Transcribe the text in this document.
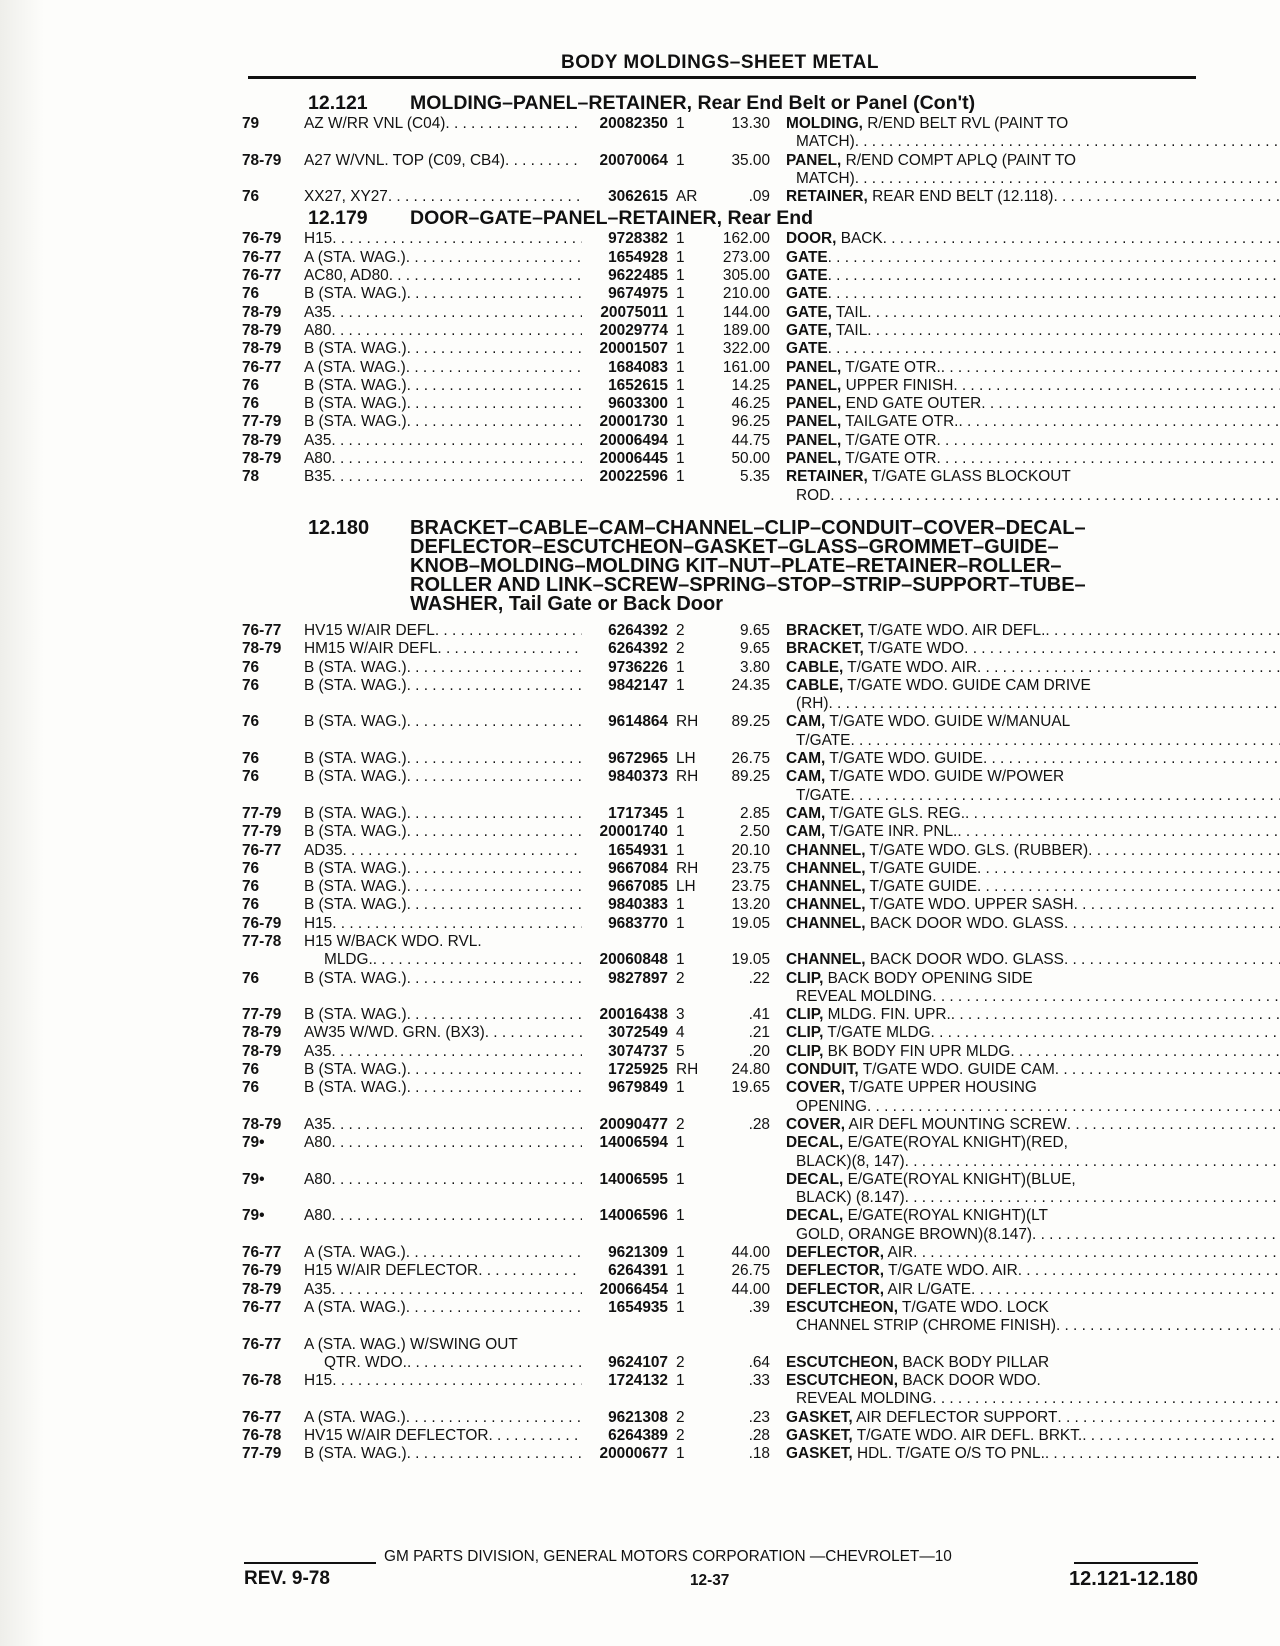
BODY MOLDINGS–SHEET METAL
12.121	MOLDING–PANEL–RETAINER, Rear End Belt or Panel (Con't)
79	AZ W/RR VNL (C04) . . .	20082350 1	13.30 MOLDING, R/END BELT RVL (PAINT TO
MATCH)
. . .
78-79	A27 W/VNL. TOP (C09, CB4) . . .	20070064 1	35.00 PANEL, R/END COMPT APLQ (PAINT TO
MATCH)
. . .
76	XX27, XY27 . . .	3062615 AR	.09 RETAINER, REAR END BELT (12.118)
. . .
12.179	DOOR–GATE–PANEL–RETAINER, Rear End
76-79	H15 . . .	9728382 1	162.00 DOOR, BACK
. . .
76-77	A (STA. WAG.) . . .	1654928 1	273.00 GATE
. . .
76-77	AC80, AD80 . . .	9622485 1	305.00 GATE
. . .
76	B (STA. WAG.) . . .	9674975 1	210.00 GATE
. . .
78-79	A35 . . .	20075011 1	144.00 GATE, TAIL
. . .
78-79	A80 . . .	20029774 1	189.00 GATE, TAIL
. . .
78-79	B (STA. WAG.) . . .	20001507 1	322.00 GATE
. . .
76-77	A (STA. WAG.) . . .	1684083 1	161.00 PANEL, T/GATE OTR.
. . .
76	B (STA. WAG.) . . .	1652615 1	14.25 PANEL, UPPER FINISH
. . .
76	B (STA. WAG.) . . .	9603300 1	46.25 PANEL, END GATE OUTER
. . .
77-79	B (STA. WAG.) . . .	20001730 1	96.25 PANEL, TAILGATE OTR.
. . .
78-79	A35 . . .	20006494 1	44.75 PANEL, T/GATE OTR
. . .
78-79	A80 . . .	20006445 1	50.00 PANEL, T/GATE OTR
. . .
78	B35 . . .	20022596 1	5.35 RETAINER, T/GATE GLASS BLOCKOUT
ROD
. . .
12.180	BRACKET–CABLE–CAM–CHANNEL–CLIP–CONDUIT–COVER–DECAL–
DEFLECTOR–ESCUTCHEON–GASKET–GLASS–GROMMET–GUIDE–
KNOB–MOLDING–MOLDING KIT–NUT–PLATE–RETAINER–ROLLER–
ROLLER AND LINK–SCREW–SPRING–STOP–STRIP–SUPPORT–TUBE–
WASHER, Tail Gate or Back Door
76-77	HV15 W/AIR DEFL . . .	6264392 2	9.65 BRACKET, T/GATE WDO. AIR DEFL.
. . .
78-79	HM15 W/AIR DEFL . . .	6264392 2	9.65 BRACKET, T/GATE WDO
. . .
76	B (STA. WAG.) . . .	9736226 1	3.80 CABLE, T/GATE WDO. AIR
. . .
76	B (STA. WAG.) . . .	9842147 1	24.35 CABLE, T/GATE WDO. GUIDE CAM DRIVE
(RH)
. . .
76	B (STA. WAG.) . . .	9614864 RH	89.25 CAM, T/GATE WDO. GUIDE W/MANUAL
T/GATE
. . .
76	B (STA. WAG.) . . .	9672965 LH	26.75 CAM, T/GATE WDO. GUIDE
. . .
76	B (STA. WAG.) . . .	9840373 RH	89.25 CAM, T/GATE WDO. GUIDE W/POWER
T/GATE
. . .
77-79	B (STA. WAG.) . . .	1717345 1	2.85 CAM, T/GATE GLS. REG.
. . .
77-79	B (STA. WAG.) . . .	20001740 1	2.50 CAM, T/GATE INR. PNL.
. . .
76-77	AD35 . . .	1654931 1	20.10 CHANNEL, T/GATE WDO. GLS. (RUBBER)
. . .
76	B (STA. WAG.) . . .	9667084 RH	23.75 CHANNEL, T/GATE GUIDE
. . .
76	B (STA. WAG.) . . .	9667085 LH	23.75 CHANNEL, T/GATE GUIDE
. . .
76	B (STA. WAG.) . . .	9840383 1	13.20 CHANNEL, T/GATE WDO. UPPER SASH
. . .
76-79	H15 . . .	9683770 1	19.05 CHANNEL, BACK DOOR WDO. GLASS
. . .
77-78	H15 W/BACK WDO. RVL.
MLDG. . . .	20060848 1	19.05 CHANNEL, BACK DOOR WDO. GLASS
. . .
76	B (STA. WAG.) . . .	9827897 2	.22 CLIP, BACK BODY OPENING SIDE
REVEAL MOLDING
. . .
77-79	B (STA. WAG.) . . .	20016438 3	.41 CLIP, MLDG. FIN. UPR.
. . .
78-79	AW35 W/WD. GRN. (BX3) . . .	3072549 4	.21 CLIP, T/GATE MLDG
. . .
78-79	A35 . . .	3074737 5	.20 CLIP, BK BODY FIN UPR MLDG
. . .
76	B (STA. WAG.) . . .	1725925 RH	24.80 CONDUIT, T/GATE WDO. GUIDE CAM
. . .
76	B (STA. WAG.) . . .	9679849 1	19.65 COVER, T/GATE UPPER HOUSING
OPENING
. . .
78-79	A35 . . .	20090477 2	.28 COVER, AIR DEFL MOUNTING SCREW
. . .
79•	A80 . . .	14006594 1	DECAL, E/GATE(ROYAL KNIGHT)(RED,
BLACK)(8, 147)
. . .
79•	A80 . . .	14006595 1	DECAL, E/GATE(ROYAL KNIGHT)(BLUE,
BLACK) (8.147)
. . .
79•	A80 . . .	14006596 1	DECAL, E/GATE(ROYAL KNIGHT)(LT
GOLD, ORANGE BROWN)(8.147)
. . .
76-77	A (STA. WAG.) . . .	9621309 1	44.00 DEFLECTOR, AIR
. . .
76-79	H15 W/AIR DEFLECTOR . . .	6264391 1	26.75 DEFLECTOR, T/GATE WDO. AIR
. . .
78-79	A35 . . .	20066454 1	44.00 DEFLECTOR, AIR L/GATE
. . .
76-77	A (STA. WAG.) . . .	1654935 1	.39 ESCUTCHEON, T/GATE WDO. LOCK
CHANNEL STRIP (CHROME FINISH)
. . .
76-77	A (STA. WAG.) W/SWING OUT
QTR. WDO. . . .	9624107 2	.64 ESCUTCHEON, BACK BODY PILLAR
76-78	H15 . . .	1724132 1	.33 ESCUTCHEON, BACK DOOR WDO.
REVEAL MOLDING
. . .
76-77	A (STA. WAG.) . . .	9621308 2	.23 GASKET, AIR DEFLECTOR SUPPORT
. . .
76-78	HV15 W/AIR DEFLECTOR . . .	6264389 2	.28 GASKET, T/GATE WDO. AIR DEFL. BRKT.
. . .
77-79	B (STA. WAG.) . . .	20000677 1	.18 GASKET, HDL. T/GATE O/S TO PNL.
. . .
GM PARTS DIVISION, GENERAL MOTORS CORPORATION —CHEVROLET—10
REV. 9-78	12-37	12.121-12.180
